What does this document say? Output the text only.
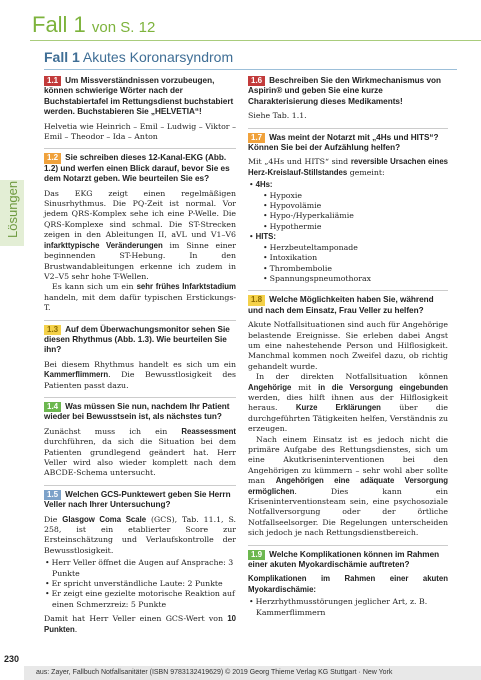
Fall 1 von S. 12
Lösungen
Fall 1 Akutes Koronarsyndrom
1.1 Um Missverständnissen vorzubeugen, können schwierige Wörter nach der Buchstabiertafel im Rettungsdienst buchstabiert werden. Buchstabieren Sie „HELVETIA“!

Helvetia wie Heinrich – Emil – Ludwig – Viktor – Emil – Theodor – Ida – Anton

1.2 Sie schreiben dieses 12-Kanal-EKG (Abb. 1.2) und werfen einen Blick darauf, bevor Sie es dem Notarzt geben. Wie beurteilen Sie es?

Das EKG zeigt einen regelmäßigen Sinusrhythmus. Die PQ-Zeit ist normal. Vor jedem QRS-Komplex sehe ich eine P-Welle. Die QRS-Komplexe sind schmal. Die ST-Strecken zeigen in den Ableitungen II, aVL und V1–V6 infarkttypische Veränderungen im Sinne einer beginnenden ST-Hebung. In den Brustwandableitungen erkenne ich zudem in V2–V5 sehr hohe T-Wellen.

Es kann sich um ein sehr frühes Infarktstadium handeln, mit dem dafür typischen Erstickungs-T.

1.3 Auf dem Überwachungsmonitor sehen Sie diesen Rhythmus (Abb. 1.3). Wie beurteilen Sie ihn?

Bei diesem Rhythmus handelt es sich um ein Kammerflimmern. Die Bewusstlosigkeit des Patienten passt dazu.

1.4 Was müssen Sie nun, nachdem Ihr Patient wieder bei Bewusstsein ist, als nächstes tun?

Zunächst muss ich ein Reassessment durchführen, da sich die Situation bei dem Patienten grundlegend geändert hat. Herr Veller wird also wieder komplett nach dem ABCDE-Schema untersucht.

1.5 Welchen GCS-Punktewert geben Sie Herrn Veller nach Ihrer Untersuchung?

Die Glasgow Coma Scale (GCS), Tab. 11.1, S. 258, ist ein etablierter Score zur Ersteinschätzung und Verlaufskontrolle der Bewusstlosigkeit.

• Herr Veller öffnet die Augen auf Ansprache: 3 Punkte
• Er spricht unverständliche Laute: 2 Punkte
• Er zeigt eine gezielte motorische Reaktion auf einen Schmerzreiz: 5 Punkte

Damit hat Herr Veller einen GCS-Wert von 10 Punkten.

1.6 Beschreiben Sie den Wirkmechanismus von Aspirin® und geben Sie eine kurze Charakterisierung dieses Medikaments!

Siehe Tab. 1.1.

1.7 Was meint der Notarzt mit „4Hs und HITS“? Können Sie bei der Aufzählung helfen?

Mit „4Hs und HITS“ sind reversible Ursachen eines Herz-Kreislauf-Stillstandes gemeint:

• 4Hs:
• Hypoxie
• Hypovolämie
• Hypo-/Hyperkaliämie
• Hypothermie
• HITS:
• Herzbeuteltamponade
• Intoxikation
• Thrombembolie
• Spannungspneumothorax
1.8 Welche Möglichkeiten haben Sie, während und nach dem Einsatz, Frau Veller zu helfen?

Akute Notfallsituationen sind auch für Angehörige belastende Ereignisse. Sie erleben dabei Angst um eine nahestehende Person und Hilflosigkeit. Manchmal kommen noch Zweifel dazu, ob richtig gehandelt wurde.

In der direkten Notfallsituation können Angehörige mit in die Versorgung eingebunden werden, dies hilft ihnen aus der Hilflosigkeit heraus. Kurze Erklärungen über die durchgeführten Tätigkeiten helfen, Verständnis zu erzeugen.

Nach einem Einsatz ist es jedoch nicht die primäre Aufgabe des Rettungsdienstes, sich um eine Akutkriseninterventionen bei den Angehörigen zu kümmern – sehr wohl aber sollte man Angehörigen eine adäquate Versorgung ermöglichen. Dies kann ein Kriseninterventionsteam sein, eine psychosoziale Notfallversorgung oder der örtliche Notfallseelsorger. Die Regelungen unterscheiden sich jedoch je nach Rettungsdienstbereich.

1.9 Welche Komplikationen können im Rahmen einer akuten Myokardischämie auftreten?

Komplikationen im Rahmen einer akuten Myokardischämie:

• Herzrhythmusstörungen jeglicher Art, z. B. Kammerflimmern
230
aus: Zayer, Fallbuch Notfallsanitäter (ISBN 9783132419629) © 2019 Georg Thieme Verlag KG Stuttgart · New York
